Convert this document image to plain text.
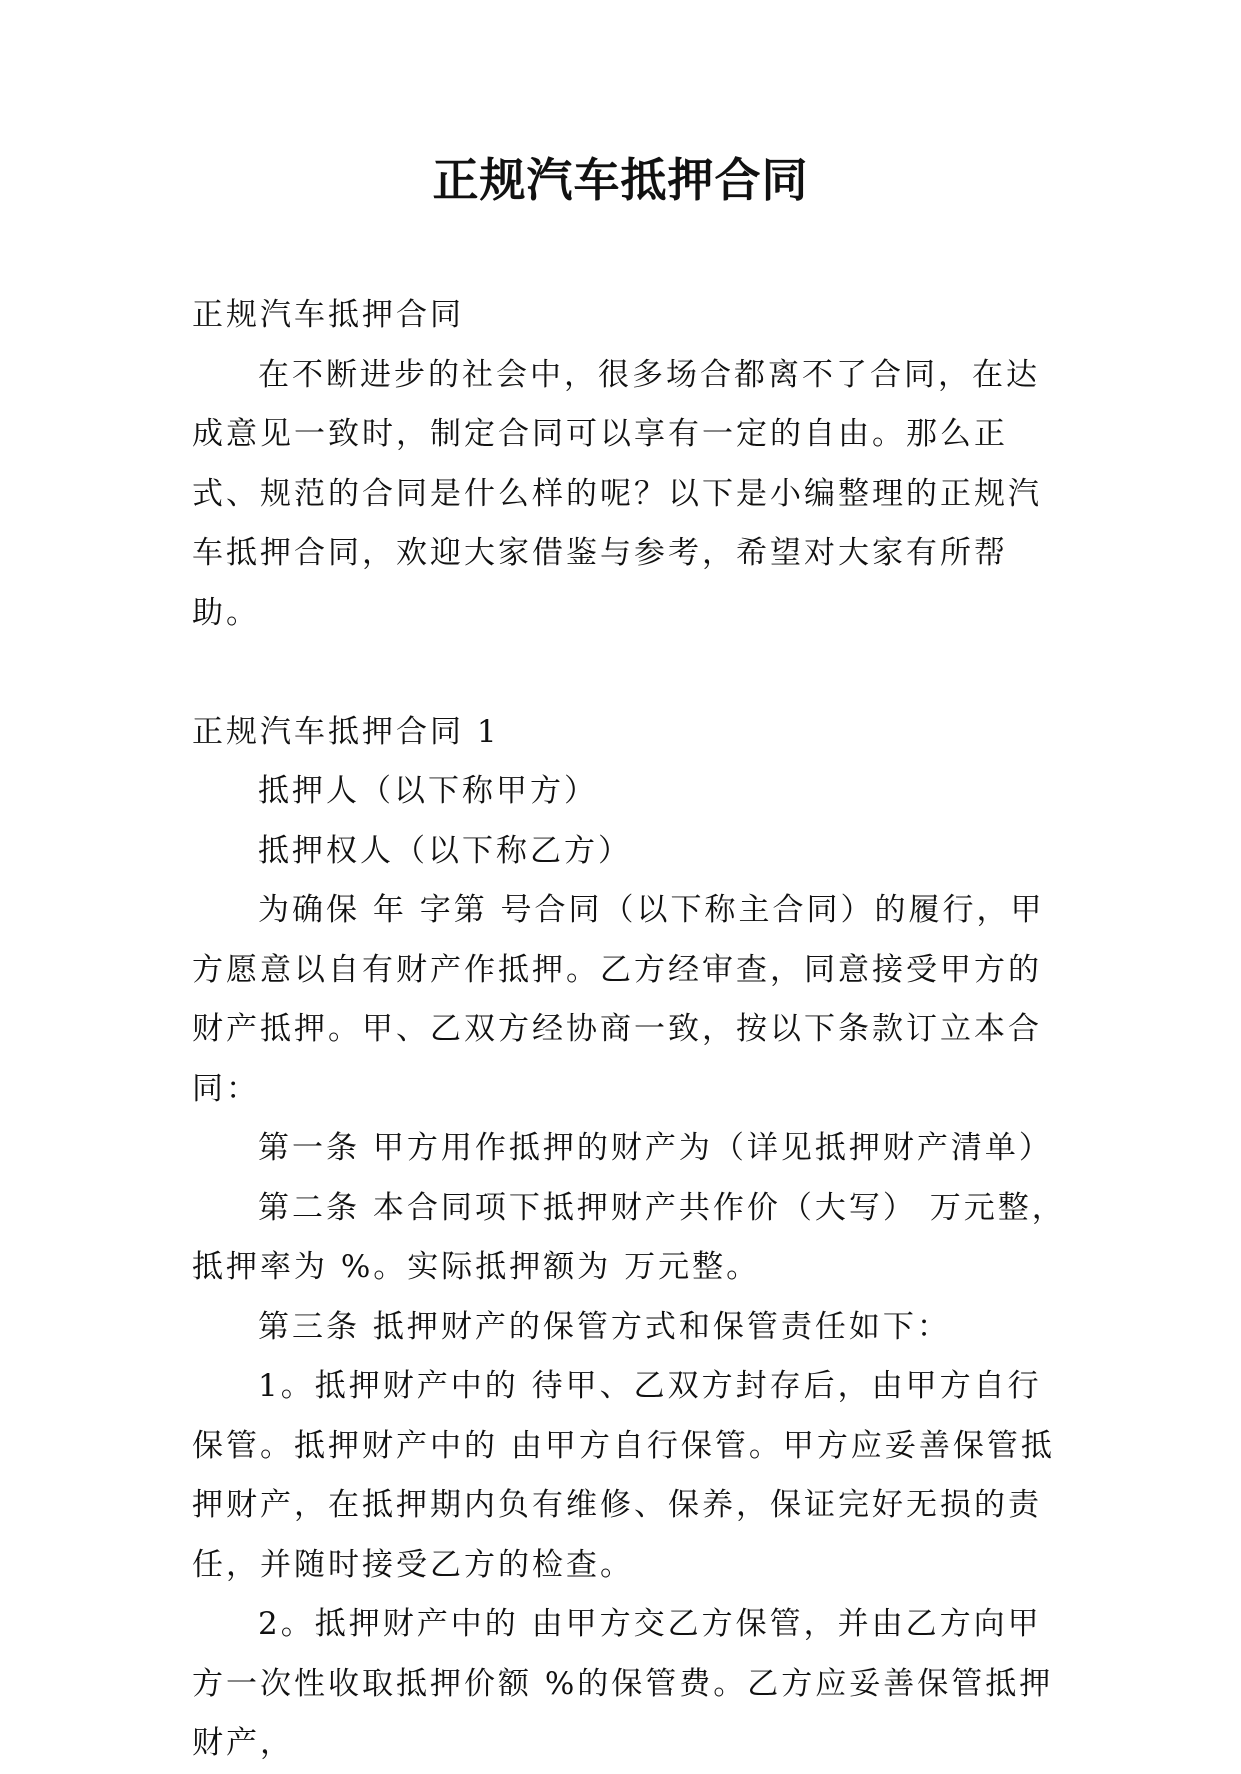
正规汽车抵押合同

正规汽车抵押合同

在不断进步的社会中，很多场合都离不了合同，在达成意见一致时，制定合同可以享有一定的自由。那么正式、规范的合同是什么样的呢？以下是小编整理的正规汽车抵押合同，欢迎大家借鉴与参考，希望对大家有所帮助。

正规汽车抵押合同 1

抵押人（以下称甲方）

抵押权人（以下称乙方）

为确保 年 字第 号合同（以下称主合同）的履行，甲方愿意以自有财产作抵押。乙方经审查，同意接受甲方的财产抵押。甲、乙双方经协商一致，按以下条款订立本合同：

第一条 甲方用作抵押的财产为（详见抵押财产清单）

第二条 本合同项下抵押财产共作价（大写） 万元整，抵押率为 %。实际抵押额为 万元整。

第三条 抵押财产的保管方式和保管责任如下：

1。抵押财产中的 待甲、乙双方封存后，由甲方自行保管。抵押财产中的 由甲方自行保管。甲方应妥善保管抵押财产，在抵押期内负有维修、保养，保证完好无损的责任，并随时接受乙方的检查。

2。抵押财产中的 由甲方交乙方保管，并由乙方向甲方一次性收取抵押价额 %的保管费。乙方应妥善保管抵押财产，
